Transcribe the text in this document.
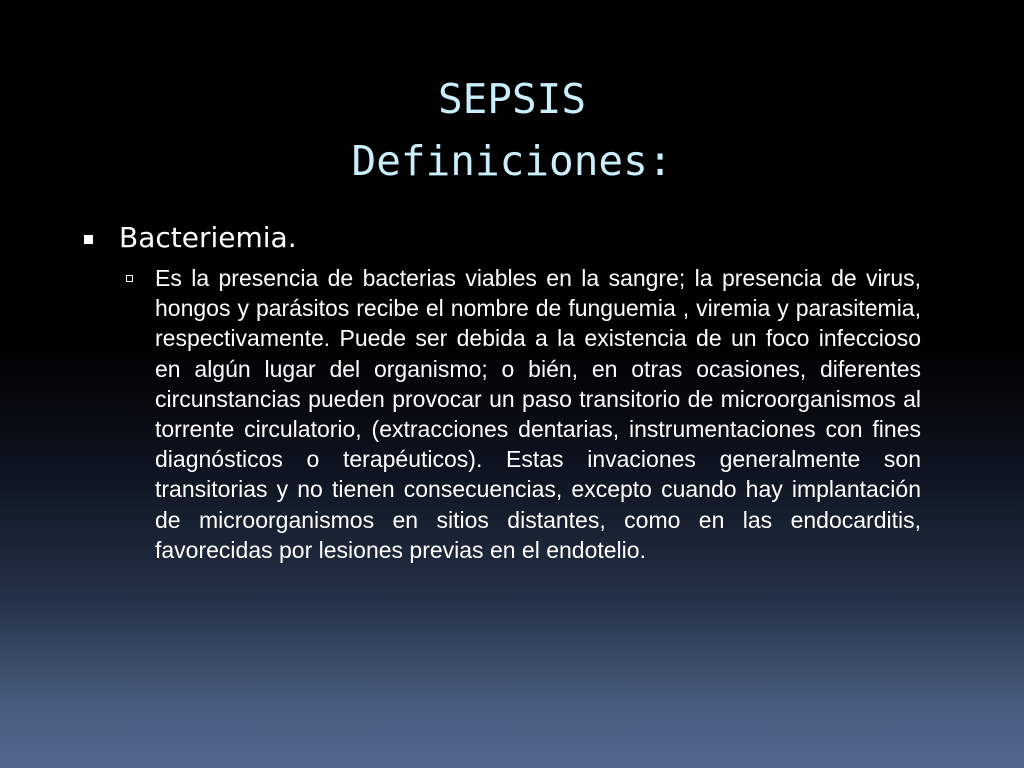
SEPSIS
Definiciones:
Bacteriemia.
Es la presencia de bacterias viables en la sangre; la presencia de virus, hongos y parásitos recibe el nombre de funguemia , viremia y parasitemia, respectivamente. Puede ser debida a la existencia de un foco infeccioso en algún lugar del organismo; o bién, en otras ocasiones, diferentes circunstancias pueden provocar un paso transitorio de microorganismos al torrente circulatorio, (extracciones dentarias, instrumentaciones con fines diagnósticos o terapéuticos). Estas invaciones generalmente son transitorias y no tienen consecuencias, excepto cuando hay implantación de microorganismos en sitios distantes, como en las endocarditis, favorecidas por lesiones previas en el endotelio.
